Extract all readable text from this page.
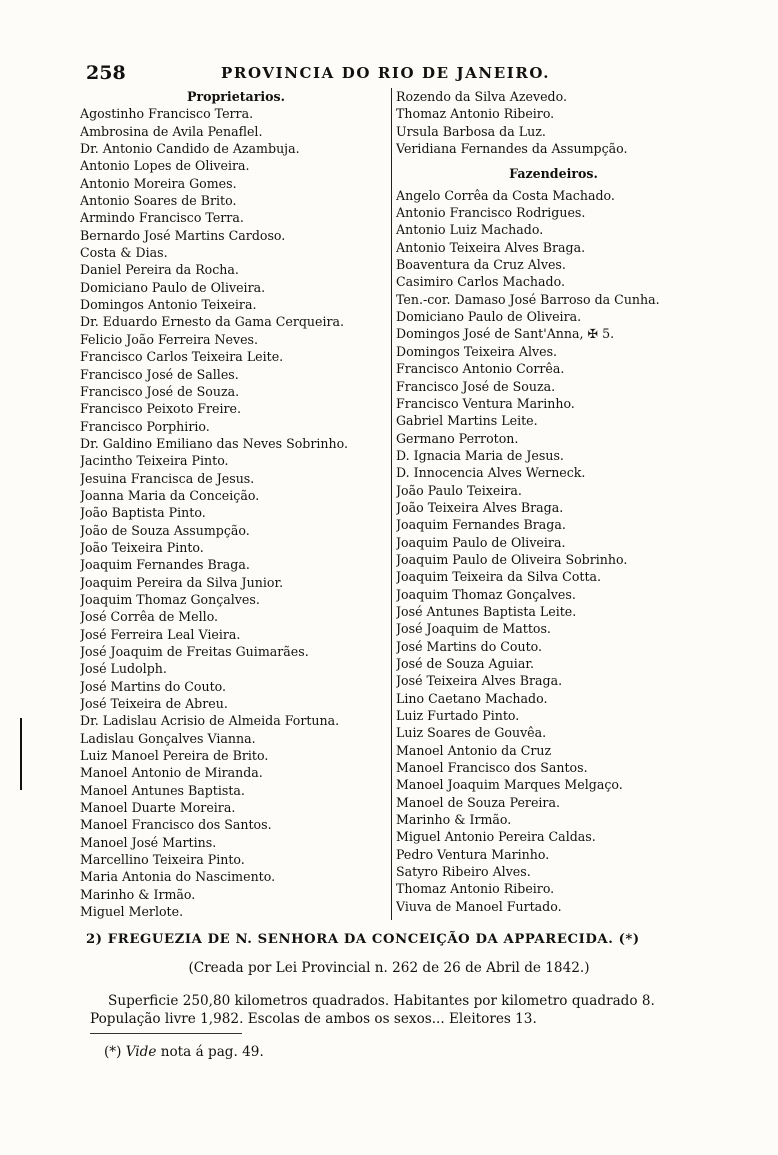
258	PROVINCIA DO RIO DE JANEIRO.
Proprietarios.
Agostinho Francisco Terra.
Ambrosina de Avila Penaflel.
Dr. Antonio Candido de Azambuja.
Antonio Lopes de Oliveira.
Antonio Moreira Gomes.
Antonio Soares de Brito.
Armindo Francisco Terra.
Bernardo José Martins Cardoso.
Costa & Dias.
Daniel Pereira da Rocha.
Domiciano Paulo de Oliveira.
Domingos Antonio Teixeira.
Dr. Eduardo Ernesto da Gama Cerqueira.
Felicio João Ferreira Neves.
Francisco Carlos Teixeira Leite.
Francisco José de Salles.
Francisco José de Souza.
Francisco Peixoto Freire.
Francisco Porphirio.
Dr. Galdino Emiliano das Neves Sobrinho.
Jacintho Teixeira Pinto.
Jesuina Francisca de Jesus.
Joanna Maria da Conceição.
João Baptista Pinto.
João de Souza Assumpção.
João Teixeira Pinto.
Joaquim Fernandes Braga.
Joaquim Pereira da Silva Junior.
Joaquim Thomaz Gonçalves.
José Corrêa de Mello.
José Ferreira Leal Vieira.
José Joaquim de Freitas Guimarães.
José Ludolph.
José Martins do Couto.
José Teixeira de Abreu.
Dr. Ladislau Acrisio de Almeida Fortuna.
Ladislau Gonçalves Vianna.
Luiz Manoel Pereira de Brito.
Manoel Antonio de Miranda.
Manoel Antunes Baptista.
Manoel Duarte Moreira.
Manoel Francisco dos Santos.
Manoel José Martins.
Marcellino Teixeira Pinto.
Maria Antonia do Nascimento.
Marinho & Irmão.
Miguel Merlote.
Rozendo da Silva Azevedo.
Thomaz Antonio Ribeiro.
Ursula Barbosa da Luz.
Veridiana Fernandes da Assumpção.
Fazendeiros.
Angelo Corrêa da Costa Machado.
Antonio Francisco Rodrigues.
Antonio Luiz Machado.
Antonio Teixeira Alves Braga.
Boaventura da Cruz Alves.
Casimiro Carlos Machado.
Ten.-cor. Damaso José Barroso da Cunha.
Domiciano Paulo de Oliveira.
Domingos José de Sant'Anna, ✠ 5.
Domingos Teixeira Alves.
Francisco Antonio Corrêa.
Francisco José de Souza.
Francisco Ventura Marinho.
Gabriel Martins Leite.
Germano Perroton.
D. Ignacia Maria de Jesus.
D. Innocencia Alves Werneck.
João Paulo Teixeira.
João Teixeira Alves Braga.
Joaquim Fernandes Braga.
Joaquim Paulo de Oliveira.
Joaquim Paulo de Oliveira Sobrinho.
Joaquim Teixeira da Silva Cotta.
Joaquim Thomaz Gonçalves.
José Antunes Baptista Leite.
José Joaquim de Mattos.
José Martins do Couto.
José de Souza Aguiar.
José Teixeira Alves Braga.
Lino Caetano Machado.
Luiz Furtado Pinto.
Luiz Soares de Gouvêa.
Manoel Antonio da Cruz
Manoel Francisco dos Santos.
Manoel Joaquim Marques Melgaço.
Manoel de Souza Pereira.
Marinho & Irmão.
Miguel Antonio Pereira Caldas.
Pedro Ventura Marinho.
Satyro Ribeiro Alves.
Thomaz Antonio Ribeiro.
Viuva de Manoel Furtado.
2) FREGUEZIA DE N. SENHORA DA CONCEIÇÃO DA APPARECIDA. (*)
(Creada por Lei Provincial n. 262 de 26 de Abril de 1842.)

Superficie 250,80 kilometros quadrados. Habitantes por kilometro quadrado 8.

População livre 1,982. Escolas de ambos os sexos... Eleitores 13.

(*) Vide nota á pag. 49.
